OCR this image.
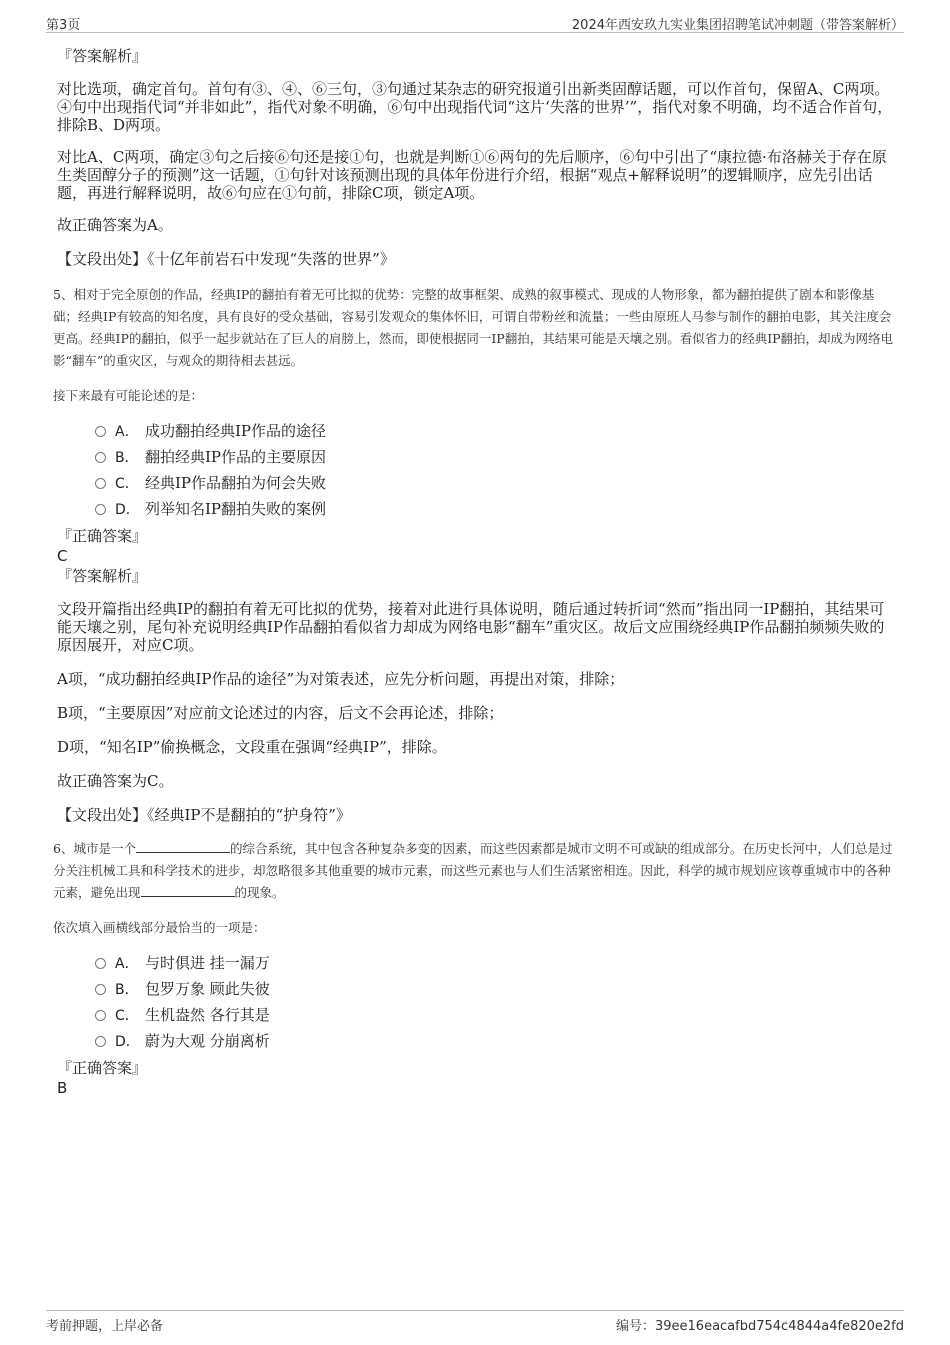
第3页	2024年西安玖九实业集团招聘笔试冲刺题（带答案解析）

『答案解析』

对比选项，确定首句。首句有③、④、⑥三句，③句通过某杂志的研究报道引出新类固醇话题，可以作首句，保留A、C两项。④句中出现指代词“并非如此”，指代对象不明确，⑥句中出现指代词“这片‘失落的世界’”，指代对象不明确，均不适合作首句，排除B、D两项。

对比A、C两项，确定③句之后接⑥句还是接①句，也就是判断①⑥两句的先后顺序，⑥句中引出了“康拉德·布洛赫关于存在原生类固醇分子的预测”这一话题，①句针对该预测出现的具体年份进行介绍，根据“观点+解释说明”的逻辑顺序，应先引出话题，再进行解释说明，故⑥句应在①句前，排除C项，锁定A项。

故正确答案为A。

【文段出处】《十亿年前岩石中发现“失落的世界”》

5、相对于完全原创的作品，经典IP的翻拍有着无可比拟的优势：完整的故事框架、成熟的叙事模式、现成的人物形象，都为翻拍提供了剧本和影像基础；经典IP有较高的知名度，具有良好的受众基础，容易引发观众的集体怀旧，可谓自带粉丝和流量；一些由原班人马参与制作的翻拍电影，其关注度会更高。经典IP的翻拍，似乎一起步就站在了巨人的肩膀上，然而，即使根据同一IP翻拍，其结果可能是天壤之别。看似省力的经典IP翻拍，却成为网络电影“翻车”的重灾区，与观众的期待相去甚远。

接下来最有可能论述的是：

A． 成功翻拍经典IP作品的途径
B． 翻拍经典IP作品的主要原因
C． 经典IP作品翻拍为何会失败
D． 列举知名IP翻拍失败的案例

『正确答案』

C

『答案解析』

文段开篇指出经典IP的翻拍有着无可比拟的优势，接着对此进行具体说明，随后通过转折词“然而”指出同一IP翻拍，其结果可能天壤之别，尾句补充说明经典IP作品翻拍看似省力却成为网络电影“翻车”重灾区。故后文应围绕经典IP作品翻拍频频失败的原因展开，对应C项。

A项，“成功翻拍经典IP作品的途径”为对策表述，应先分析问题，再提出对策，排除；

B项，“主要原因”对应前文论述过的内容，后文不会再论述，排除；

D项，“知名IP”偷换概念，文段重在强调“经典IP”，排除。

故正确答案为C。

【文段出处】《经典IP不是翻拍的“护身符”》

6、城市是一个	的综合系统，其中包含各种复杂多变的因素，而这些因素都是城市文明不可或缺的组成部分。在历史长河中，人们总是过分关注机械工具和科学技术的进步，却忽略很多其他重要的城市元素，而这些元素也与人们生活紧密相连。因此，科学的城市规划应该尊重城市中的各种元素，避免出现	的现象。

依次填入画横线部分最恰当的一项是：

A． 与时俱进 挂一漏万
B． 包罗万象 顾此失彼
C． 生机盎然 各行其是
D． 蔚为大观 分崩离析

『正确答案』

B

考前押题，上岸必备	编号：39ee16eacafbd754c4844a4fe820e2fd
